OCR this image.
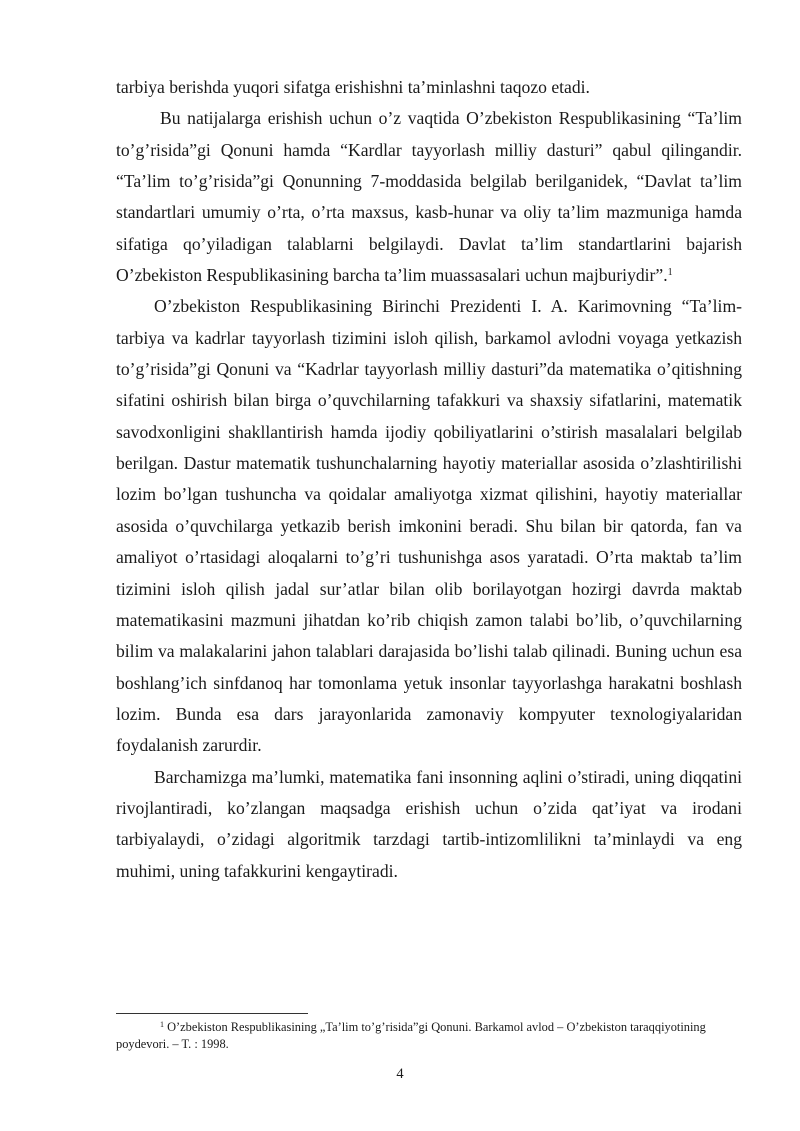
tarbiya berishda yuqori sifatga erishishni ta’minlashni taqozo etadi.

Bu natijalarga erishish uchun o’z vaqtida O’zbekiston Respublikasining “Ta’lim to’g’risida”gi Qonuni hamda “Kardlar tayyorlash milliy dasturi” qabul qilingandir. “Ta’lim to’g’risida”gi Qonunning 7-moddasida belgilab berilganidek, “Davlat ta’lim standartlari umumiy o’rta, o’rta maxsus, kasb-hunar va oliy ta’lim mazmuniga hamda sifatiga qo’yiladigan talablarni belgilaydi. Davlat ta’lim standartlarini bajarish O’zbekiston Respublikasining barcha ta’lim muassasalari uchun majburiydir”.$^1$

O’zbekiston Respublikasining Birinchi Prezidenti I. A. Karimovning “Ta’lim-tarbiya va kadrlar tayyorlash tizimini isloh qilish, barkamol avlodni voyaga yetkazish to’g’risida”gi Qonuni va “Kadrlar tayyorlash milliy dasturi”da matematika o’qitishning sifatini oshirish bilan birga o’quvchilarning tafakkuri va shaxsiy sifatlarini, matematik savodxonligini shakllantirish hamda ijodiy qobiliyatlarini o’stirish masalalari belgilab berilgan. Dastur matematik tushunchalarning hayotiy materiallar asosida o’zlashtirilishi lozim bo’lgan tushuncha va qoidalar amaliyotga xizmat qilishini, hayotiy materiallar asosida o’quvchilarga yetkazib berish imkonini beradi. Shu bilan bir qatorda, fan va amaliyot o’rtasidagi aloqalarni to’g’ri tushunishga asos yaratadi. O’rta maktab ta’lim tizimini isloh qilish jadal sur’atlar bilan olib borilayotgan hozirgi davrda maktab matematikasini mazmuni jihatdan ko’rib chiqish zamon talabi bo’lib, o’quvchilarning bilim va malakalarini jahon talablari darajasida bo’lishi talab qilinadi. Buning uchun esa boshlang’ich sinfdanoq har tomonlama yetuk insonlar tayyorlashga harakatni boshlash lozim. Bunda esa dars jarayonlarida zamonaviy kompyuter texnologiyalaridan foydalanish zarurdir.

Barchamizga ma’lumki, matematika fani insonning aqlini o’stiradi, uning diqqatini rivojlantiradi, ko’zlangan maqsadga erishish uchun o’zida qat’iyat va irodani tarbiyalaydi, o’zidagi algoritmik tarzdagi tartib-intizomlilikni ta’minlaydi va eng muhimi, uning tafakkurini kengaytiradi.

$^1$ O’zbekiston Respublikasining „Ta’lim to’g’risida”gi Qonuni. Barkamol avlod – O’zbekiston taraqqiyotining poydevori. – T. : 1998.
4
